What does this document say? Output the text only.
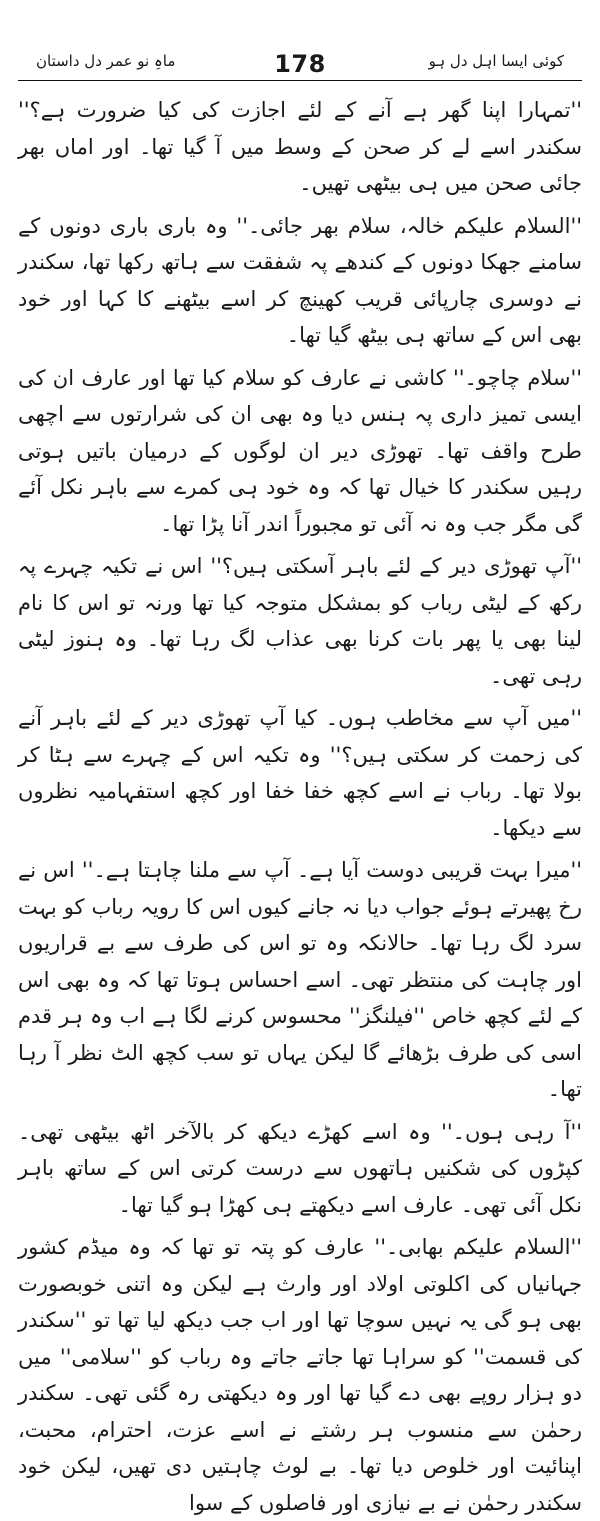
ماہِ نو عمر دل داستان	178	کوئی ایسا اہل دل ہو

''تمہارا اپنا گھر ہے آنے کے لئے اجازت کی کیا ضرورت ہے؟'' سکندر اسے لے کر صحن کے وسط میں آ گیا تھا۔ اور اماں بھر جائی صحن میں ہی بیٹھی تھیں۔

''السلام علیکم خالہ، سلام بھر جائی۔'' وہ باری باری دونوں کے سامنے جھکا دونوں کے کندھے پہ شفقت سے ہاتھ رکھا تھا، سکندر نے دوسری چارپائی قریب کھینچ کر اسے بیٹھنے کا کہا اور خود بھی اس کے ساتھ ہی بیٹھ گیا تھا۔

''سلام چاچو۔'' کاشی نے عارف کو سلام کیا تھا اور عارف ان کی ایسی تمیز داری پہ ہنس دیا وہ بھی ان کی شرارتوں سے اچھی طرح واقف تھا۔ تھوڑی دیر ان لوگوں کے درمیان باتیں ہوتی رہیں سکندر کا خیال تھا کہ وہ خود ہی کمرے سے باہر نکل آئے گی مگر جب وہ نہ آئی تو مجبوراً اندر آنا پڑا تھا۔

''آپ تھوڑی دیر کے لئے باہر آسکتی ہیں؟'' اس نے تکیہ چہرے پہ رکھ کے لیٹی رباب کو بمشکل متوجہ کیا تھا ورنہ تو اس کا نام لینا بھی یا پھر بات کرنا بھی عذاب لگ رہا تھا۔ وہ ہنوز لیٹی رہی تھی۔

''میں آپ سے مخاطب ہوں۔ کیا آپ تھوڑی دیر کے لئے باہر آنے کی زحمت کر سکتی ہیں؟'' وہ تکیہ اس کے چہرے سے ہٹا کر بولا تھا۔ رباب نے اسے کچھ خفا خفا اور کچھ استفہامیہ نظروں سے دیکھا۔

''میرا بہت قریبی دوست آیا ہے۔ آپ سے ملنا چاہتا ہے۔'' اس نے رخ پھیرتے ہوئے جواب دیا نہ جانے کیوں اس کا رویہ رباب کو بہت سرد لگ رہا تھا۔ حالانکہ وہ تو اس کی طرف سے بے قراریوں اور چاہت کی منتظر تھی۔ اسے احساس ہوتا تھا کہ وہ بھی اس کے لئے کچھ خاص ''فیلنگز'' محسوس کرنے لگا ہے اب وہ ہر قدم اسی کی طرف بڑھائے گا لیکن یہاں تو سب کچھ الٹ نظر آ رہا تھا۔

''آ رہی ہوں۔'' وہ اسے کھڑے دیکھ کر بالآخر اٹھ بیٹھی تھی۔ کپڑوں کی شکنیں ہاتھوں سے درست کرتی اس کے ساتھ باہر نکل آئی تھی۔ عارف اسے دیکھتے ہی کھڑا ہو گیا تھا۔

''السلام علیکم بھابی۔'' عارف کو پتہ تو تھا کہ وہ میڈم کشور جہانیاں کی اکلوتی اولاد اور وارث ہے لیکن وہ اتنی خوبصورت بھی ہو گی یہ نہیں سوچا تھا اور اب جب دیکھ لیا تھا تو ''سکندر کی قسمت'' کو سراہا تھا جاتے جاتے وہ رباب کو ''سلامی'' میں دو ہزار روپے بھی دے گیا تھا اور وہ دیکھتی رہ گئی تھی۔ سکندر رحمٰن سے منسوب ہر رشتے نے اسے عزت، احترام، محبت، اپنائیت اور خلوص دیا تھا۔ بے لوث چاہتیں دی تھیں، لیکن خود سکندر رحمٰن نے بے نیازی اور فاصلوں کے سوا
